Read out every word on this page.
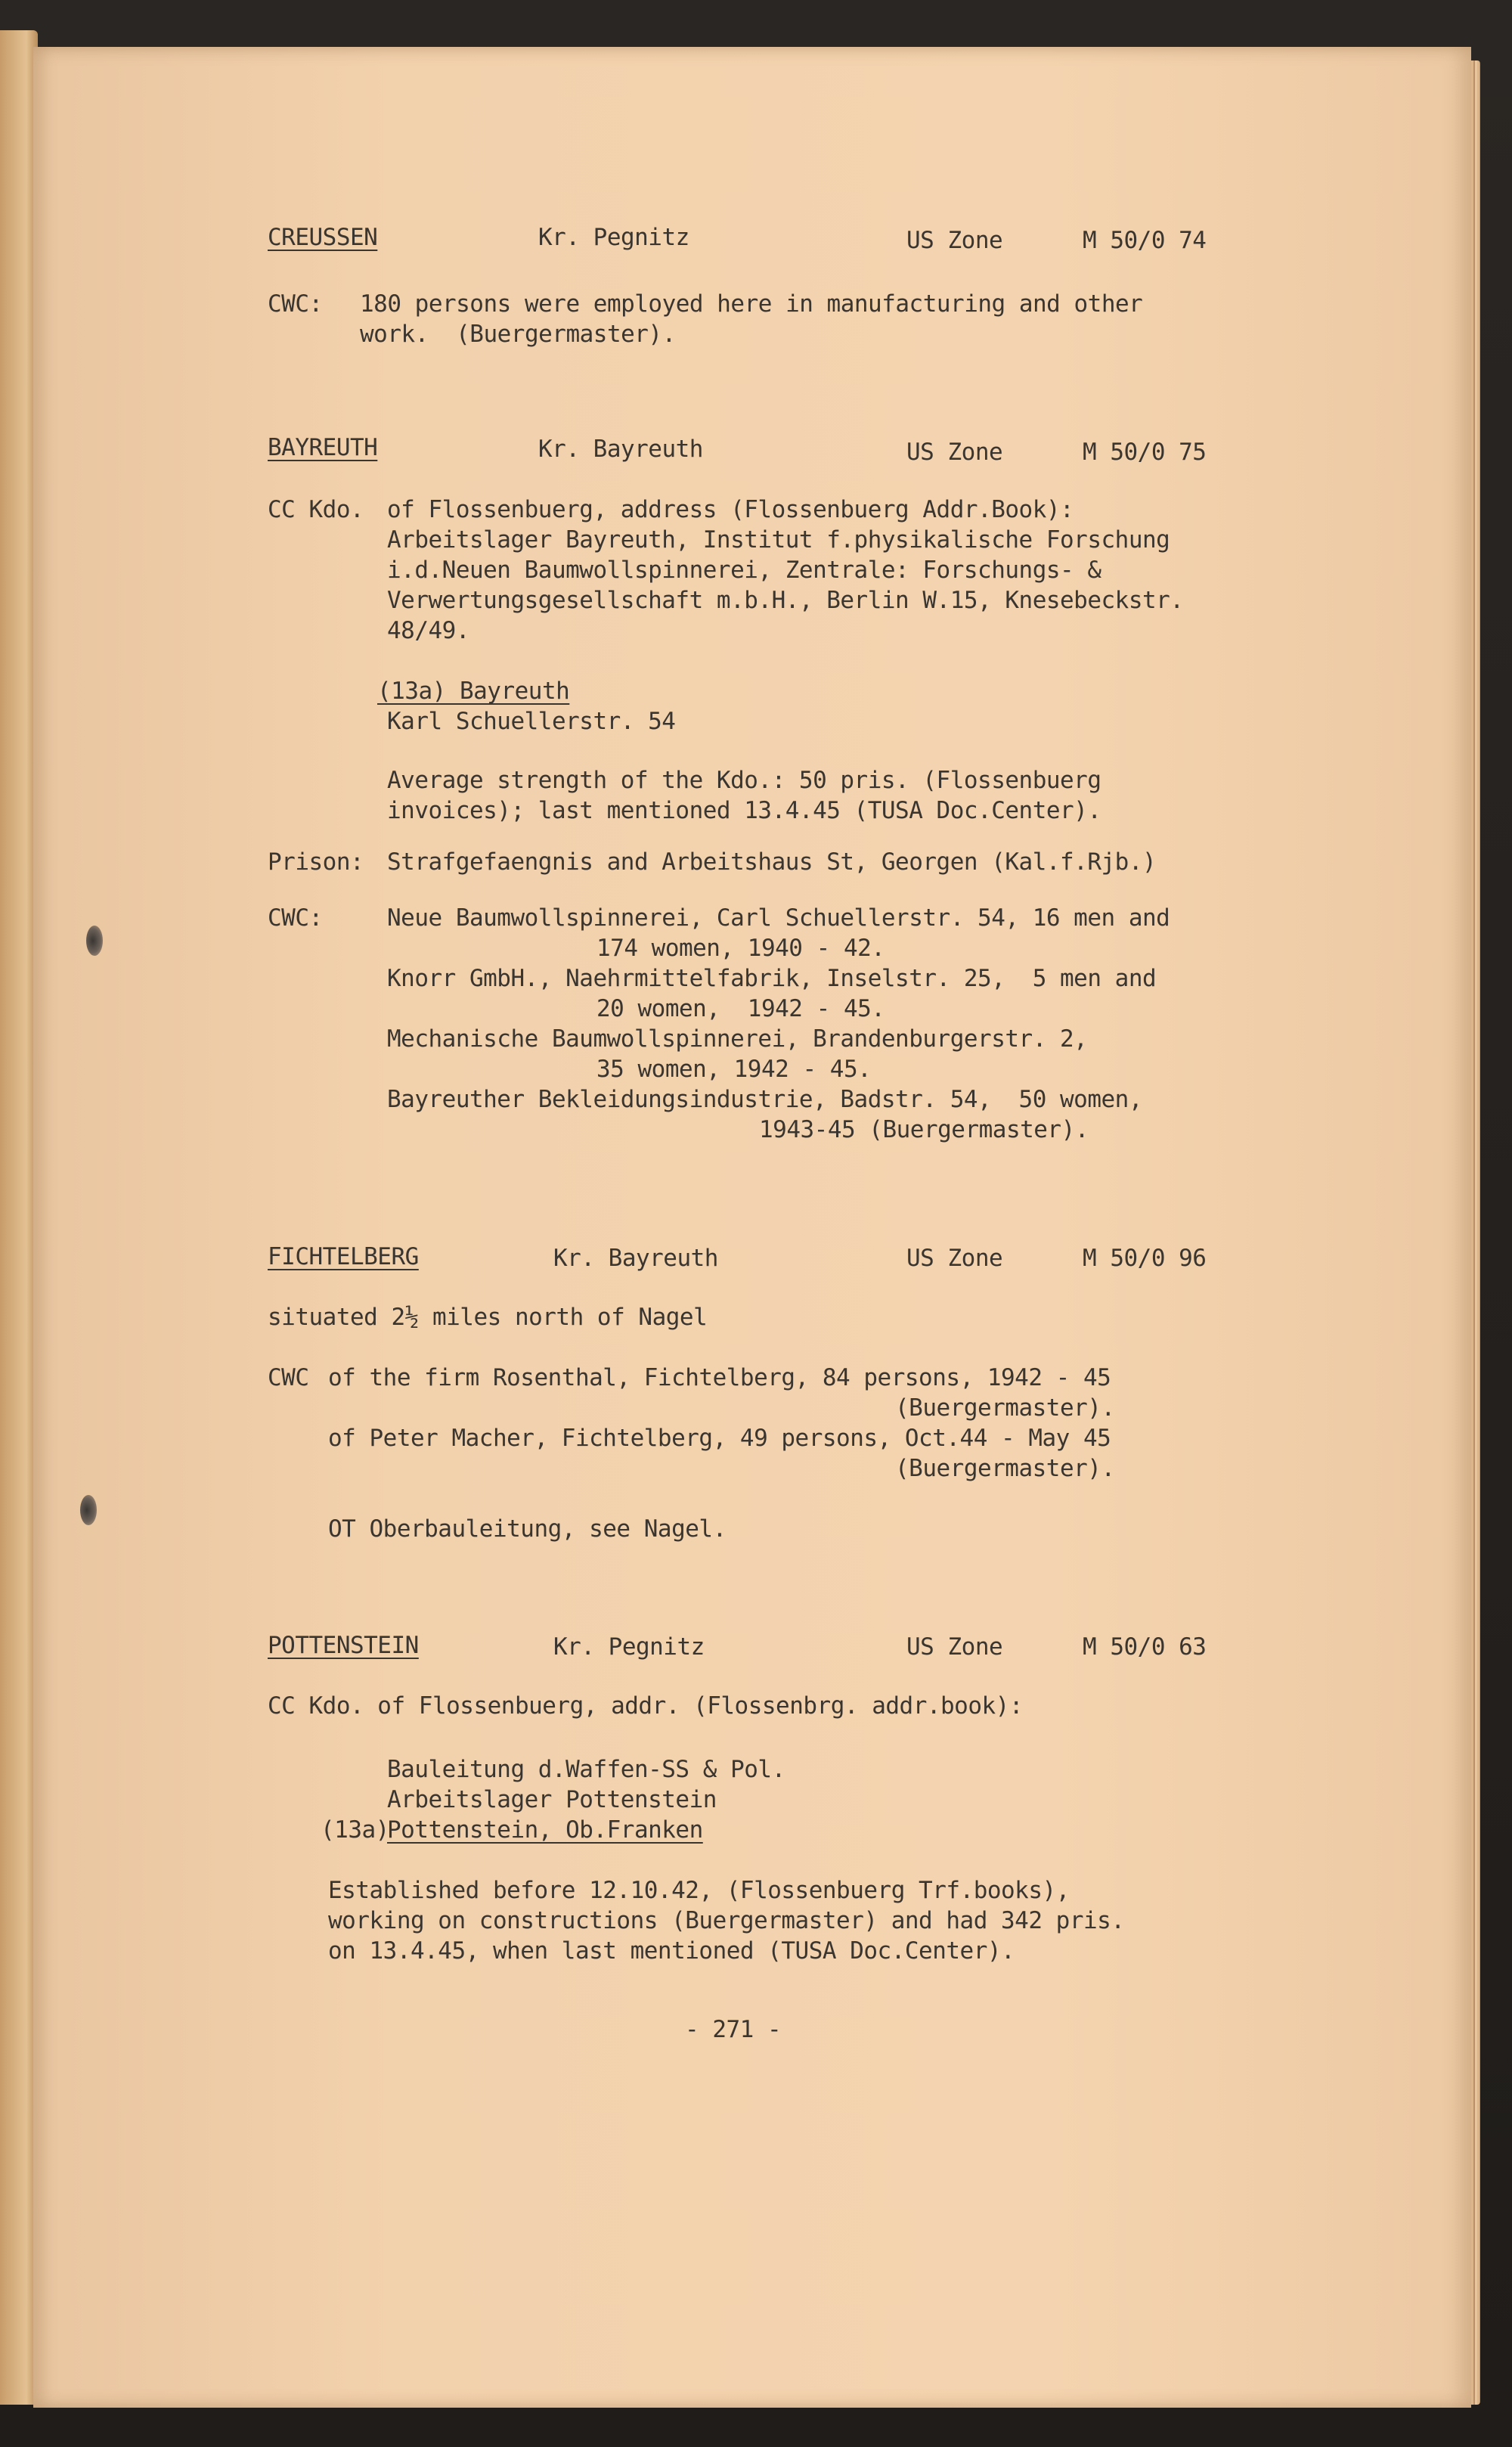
CREUSSEN	Kr. Pegnitz	US Zone	M 50/0 74
CWC: 180 persons were employed here in manufacturing and other
work.  (Buergermaster).
BAYREUTH	Kr. Bayreuth	US Zone	M 50/0 75
CC Kdo. of Flossenbuerg, address (Flossenbuerg Addr.Book):
Arbeitslager Bayreuth, Institut f.physikalische Forschung
i.d.Neuen Baumwollspinnerei, Zentrale: Forschungs- &
Verwertungsgesellschaft m.b.H., Berlin W.15, Knesebeckstr.
48/49.
(13a) Bayreuth
Karl Schuellerstr. 54
Average strength of the Kdo.: 50 pris. (Flossenbuerg
invoices); last mentioned 13.4.45 (TUSA Doc.Center).
Prison: Strafgefaengnis and Arbeitshaus St, Georgen (Kal.f.Rjb.)
CWC:	Neue Baumwollspinnerei, Carl Schuellerstr. 54, 16 men and
174 women, 1940 - 42.
Knorr GmbH., Naehrmittelfabrik, Inselstr. 25,  5 men and
20 women,  1942 - 45.
Mechanische Baumwollspinnerei, Brandenburgerstr. 2,
35 women, 1942 - 45.
Bayreuther Bekleidungsindustrie, Badstr. 54,  50 women,
1943-45 (Buergermaster).
FICHTELBERG	Kr. Bayreuth	US Zone	M 50/0 96
situated 2½ miles north of Nagel
CWC of the firm Rosenthal, Fichtelberg, 84 persons, 1942 - 45
(Buergermaster).
of Peter Macher, Fichtelberg, 49 persons, Oct.44 - May 45
(Buergermaster).
OT Oberbauleitung, see Nagel.
POTTENSTEIN	Kr. Pegnitz	US Zone	M 50/0 63
CC Kdo. of Flossenbuerg, addr. (Flossenbrg. addr.book):
Bauleitung d.Waffen-SS & Pol.
Arbeitslager Pottenstein
(13a)
Pottenstein, Ob.Franken
Established before 12.10.42, (Flossenbuerg Trf.books),
working on constructions (Buergermaster) and had 342 pris.
on 13.4.45, when last mentioned (TUSA Doc.Center).
- 271 -
